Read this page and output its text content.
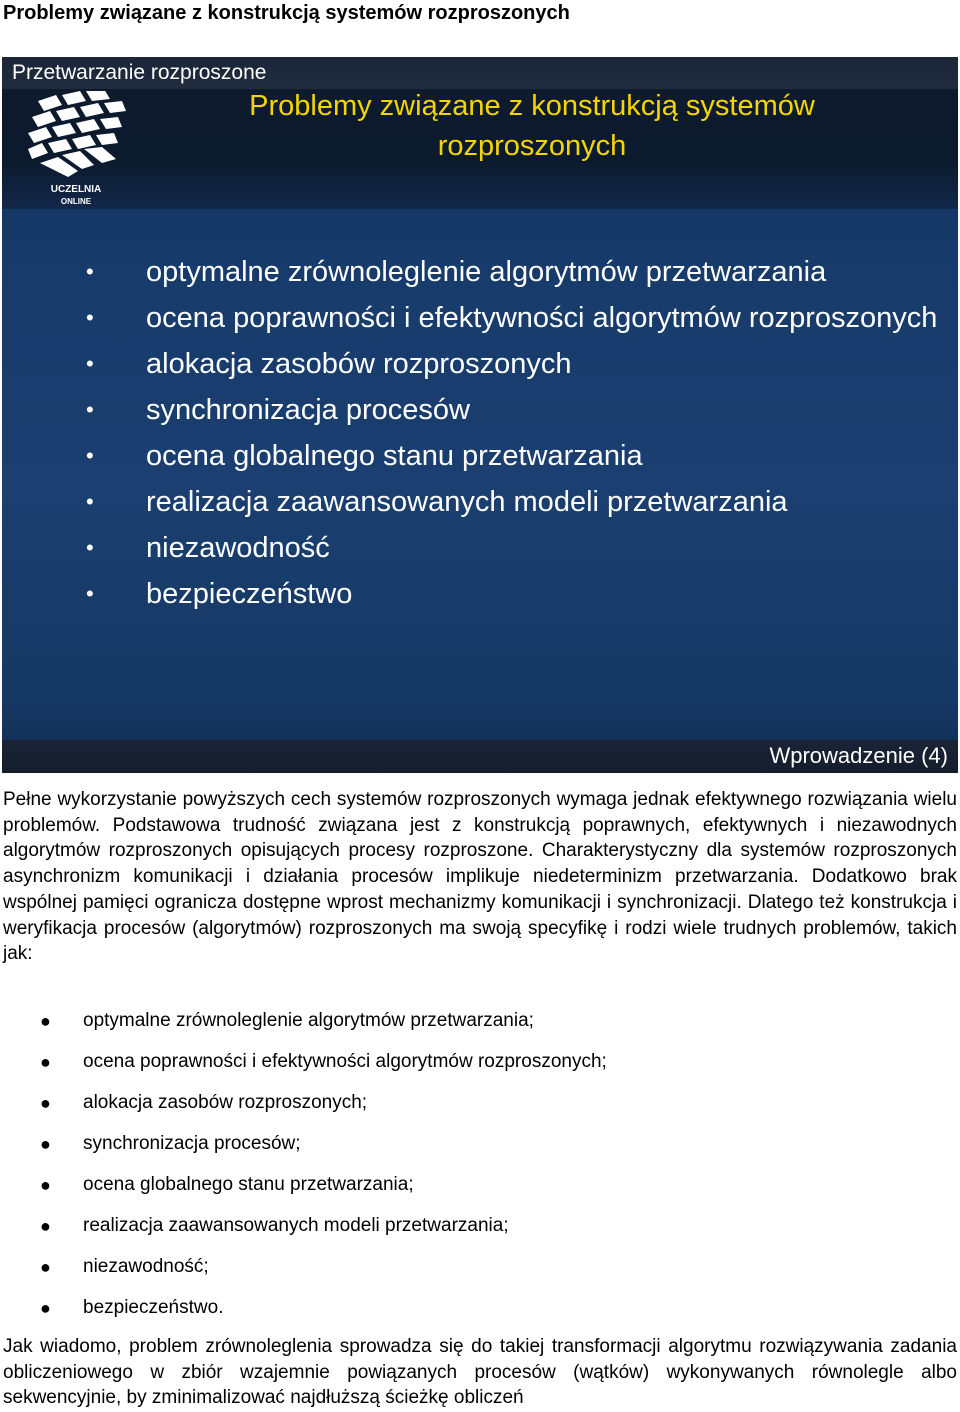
Problemy związane z konstrukcją systemów rozproszonych
Przetwarzanie rozproszone
Problemy związane z konstrukcją systemów rozproszonych
UCZELNIA
ONLINE
• optymalne zrównoleglenie algorytmów przetwarzania
• ocena poprawności i efektywności algorytmów rozproszonych
• alokacja zasobów rozproszonych
• synchronizacja procesów
• ocena globalnego stanu przetwarzania
• realizacja zaawansowanych modeli przetwarzania
• niezawodność
• bezpieczeństwo
Wprowadzenie (4)

Pełne wykorzystanie powyższych cech systemów rozproszonych wymaga jednak efektywnego rozwiązania wielu problemów. Podstawowa trudność związana jest z konstrukcją poprawnych, efektywnych i niezawodnych algorytmów rozproszonych opisujących procesy rozproszone. Charakterystyczny dla systemów rozproszonych asynchronizm komunikacji i działania procesów implikuje niedeterminizm przetwarzania. Dodatkowo brak wspólnej pamięci ogranicza dostępne wprost mechanizmy komunikacji i synchronizacji. Dlatego też konstrukcja i weryfikacja procesów (algorytmów) rozproszonych ma swoją specyfikę i rodzi wiele trudnych problemów, takich jak:

● optymalne zrównoleglenie algorytmów przetwarzania;
● ocena poprawności i efektywności algorytmów rozproszonych;
● alokacja zasobów rozproszonych;
● synchronizacja procesów;
● ocena globalnego stanu przetwarzania;
● realizacja zaawansowanych modeli przetwarzania;
● niezawodność;
● bezpieczeństwo.

Jak wiadomo, problem zrównoleglenia sprowadza się do takiej transformacji algorytmu rozwiązywania zadania obliczeniowego w zbiór wzajemnie powiązanych procesów (wątków) wykonywanych równolegle albo sekwencyjnie, by zminimalizować najdłuższą ścieżkę obliczeń
